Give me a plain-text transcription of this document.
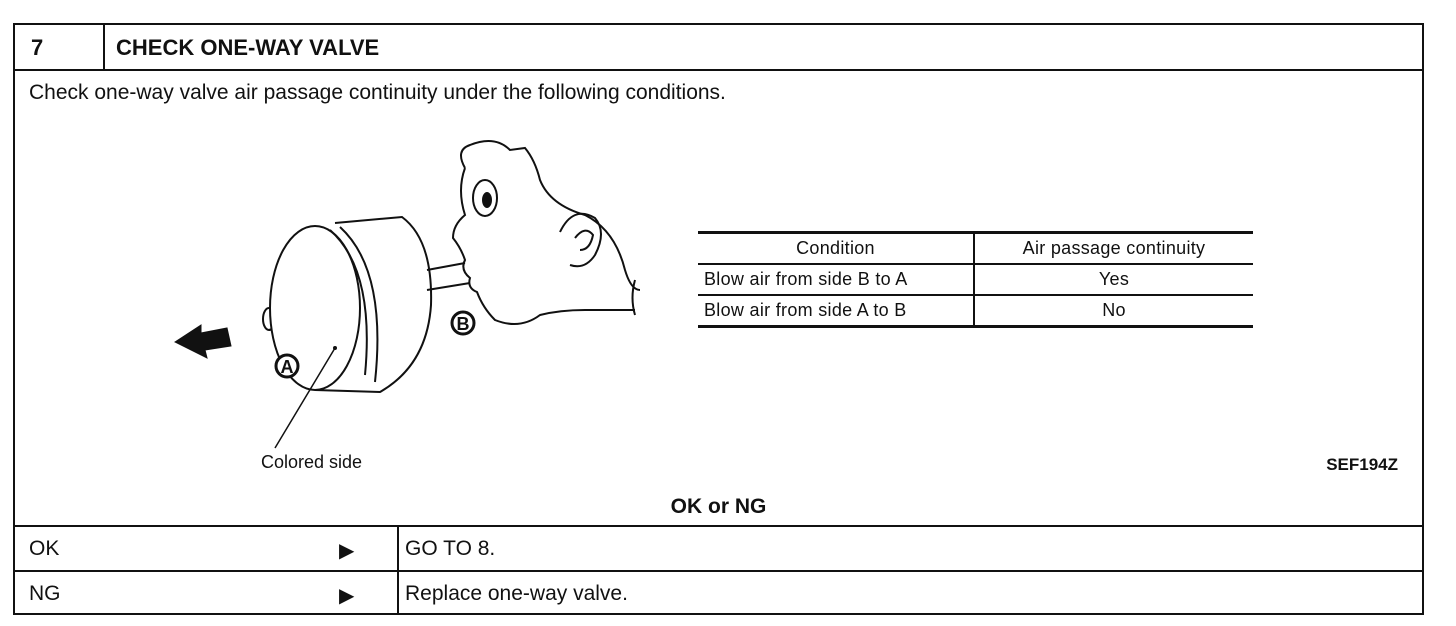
7	CHECK ONE-WAY VALVE
Check one-way valve air passage continuity under the following conditions.
A
B
Colored side
Condition	Air passage continuity
Blow air from side B to A	Yes
Blow air from side A to B	No
SEF194Z
OK or NG
OK	▶ GO TO 8.
NG	▶ Replace one-way valve.
